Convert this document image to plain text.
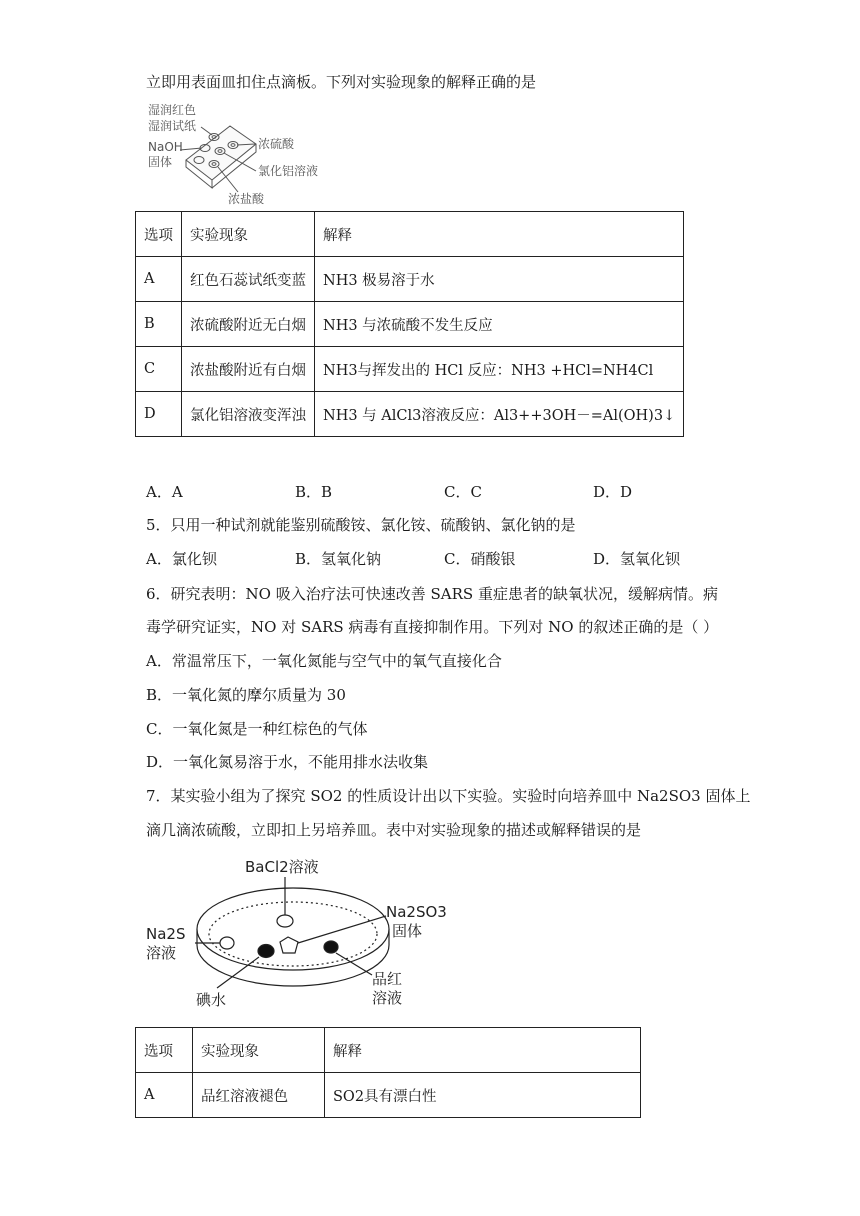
立即用表面皿扣住点滴板。下列对实验现象的解释正确的是
湿润红色
湿润试纸
NaOH
固体
浓硫酸
氯化铝溶液
浓盐酸
选项	实验现象	解释
A	红色石蕊试纸变蓝	NH3 极易溶于水
B	浓硫酸附近无白烟	NH3 与浓硫酸不发生反应
C	浓盐酸附近有白烟	NH3与挥发出的 HCl 反应：NH3 +HCl=NH4Cl
D	氯化铝溶液变浑浊	NH3 与 AlCl3溶液反应：Al3++3OH－=Al(OH)3↓
A．A	B．B	C．C	D．D
5．只用一种试剂就能鉴别硫酸铵、氯化铵、硫酸钠、氯化钠的是
A．氯化钡	B．氢氧化钠	C．硝酸银	D．氢氧化钡
6．研究表明：NO 吸入治疗法可快速改善 SARS 重症患者的缺氧状况，缓解病情。病
毒学研究证实，NO 对 SARS 病毒有直接抑制作用。下列对 NO 的叙述正确的是（ ）
A．常温常压下，一氧化氮能与空气中的氧气直接化合
B．一氧化氮的摩尔质量为 30
C．一氧化氮是一种红棕色的气体
D．一氧化氮易溶于水，不能用排水法收集
7．某实验小组为了探究 SO2 的性质设计出以下实验。实验时向培养皿中 Na2SO3 固体上
滴几滴浓硫酸，立即扣上另培养皿。表中对实验现象的描述或解释错误的是
BaCl2溶液
Na2SO3
固体
Na2S
溶液
碘水
品红
溶液
选项	实验现象	解释
A	品红溶液褪色	SO2具有漂白性
